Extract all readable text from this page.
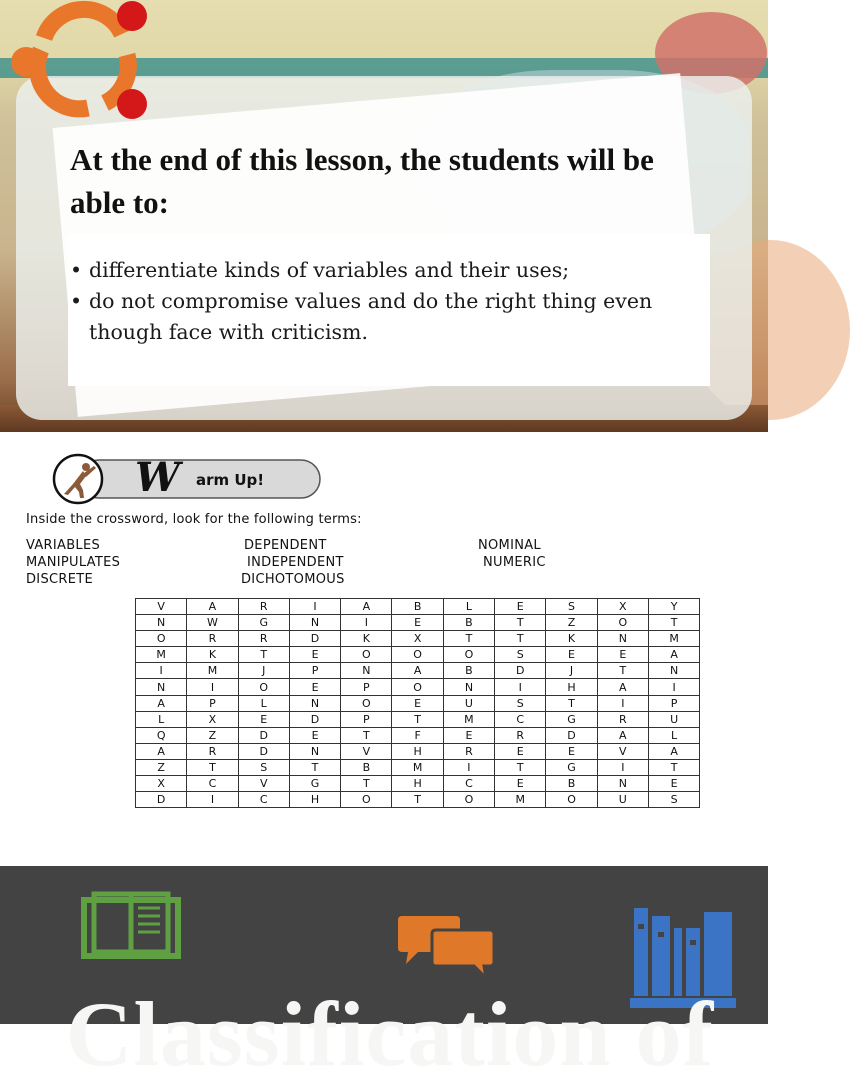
At the end of this lesson, the students will be able to:
• differentiate kinds of variables and their uses;
• do not compromise values and do the right thing even though face with criticism.
W arm Up!

Inside the crossword, look for the following terms:

VARIABLES
MANIPULATES
DISCRETE
DEPENDENT
INDEPENDENT
DICHOTOMOUS
NOMINAL
NUMERIC
V	A	R	I	A	B	L	E	S	X	Y
N	W	G	N	I	E	B	T	Z	O	T
O	R	R	D	K	X	T	T	K	N	M
M	K	T	E	O	O	O	S	E	E	A
I	M	J	P	N	A	B	D	J	T	N
N	I	O	E	P	O	N	I	H	A	I
A	P	L	N	O	E	U	S	T	I	P
L	X	E	D	P	T	M	C	G	R	U
Q	Z	D	E	T	F	E	R	D	A	L
A	R	D	N	V	H	R	E	E	V	A
Z	T	S	T	B	M	I	T	G	I	T
X	C	V	G	T	H	C	E	B	N	E
D	I	C	H	O	T	O	M	O	U	S
Classification of
